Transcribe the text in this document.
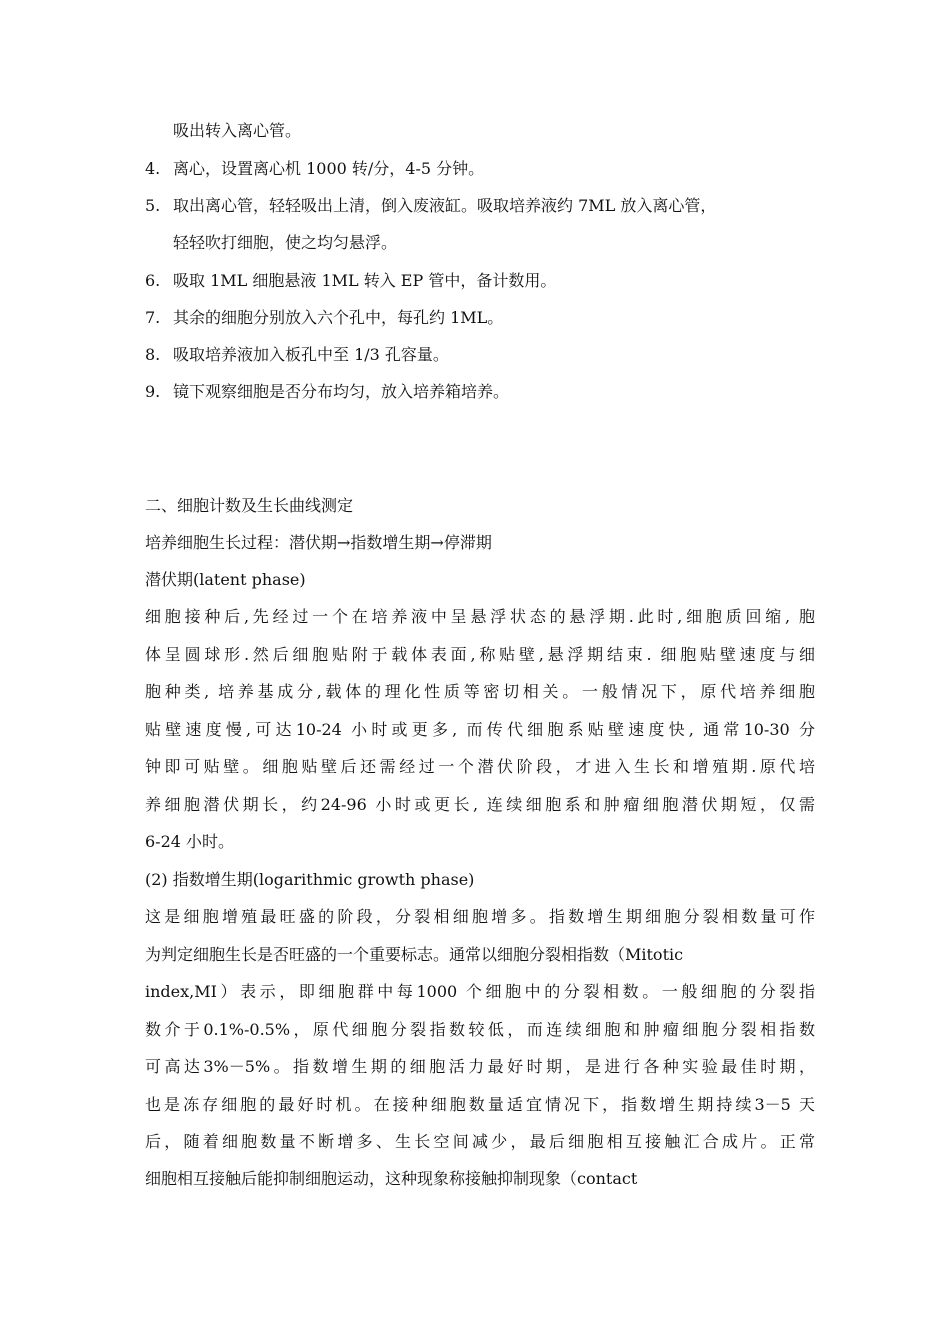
吸出转入离心管。
4. 离心，设置离心机 1000 转/分，4-5 分钟。
5. 取出离心管，轻轻吸出上清，倒入废液缸。吸取培养液约 7ML 放入离心管，
轻轻吹打细胞，使之均匀悬浮。
6. 吸取 1ML 细胞悬液 1ML 转入 EP 管中，备计数用。
7. 其余的细胞分别放入六个孔中，每孔约 1ML。
8. 吸取培养液加入板孔中至 1/3 孔容量。
9. 镜下观察细胞是否分布均匀，放入培养箱培养。
二、细胞计数及生长曲线测定
培养细胞生长过程：潜伏期→指数增生期→停滞期
潜伏期(latent phase)
细胞接种后,先经过一个在培养液中呈悬浮状态的悬浮期.此时,细胞质回缩, 胞
体呈圆球形.然后细胞贴附于载体表面,称贴壁,悬浮期结束. 细胞贴壁速度与细
胞种类, 培养基成分,载体的理化性质等密切相关。一般情况下，原代培养细胞
贴壁速度慢,可达10-24 小时或更多, 而传代细胞系贴壁速度快, 通常10-30 分
钟即可贴壁。细胞贴壁后还需经过一个潜伏阶段，才进入生长和增殖期.原代培
养细胞潜伏期长，约24-96 小时或更长, 连续细胞系和肿瘤细胞潜伏期短，仅需
6-24 小时。
(2) 指数增生期(logarithmic growth phase)
这是细胞增殖最旺盛的阶段，分裂相细胞增多。指数增生期细胞分裂相数量可作
为判定细胞生长是否旺盛的一个重要标志。通常以细胞分裂相指数（Mitotic
index,MI）表示，即细胞群中每1000 个细胞中的分裂相数。一般细胞的分裂指
数介于0.1%-0.5%，原代细胞分裂指数较低，而连续细胞和肿瘤细胞分裂相指数
可高达3%－5%。指数增生期的细胞活力最好时期，是进行各种实验最佳时期，
也是冻存细胞的最好时机。在接种细胞数量适宜情况下，指数增生期持续3－5 天
后，随着细胞数量不断增多、生长空间减少，最后细胞相互接触汇合成片。正常
细胞相互接触后能抑制细胞运动，这种现象称接触抑制现象（contact
